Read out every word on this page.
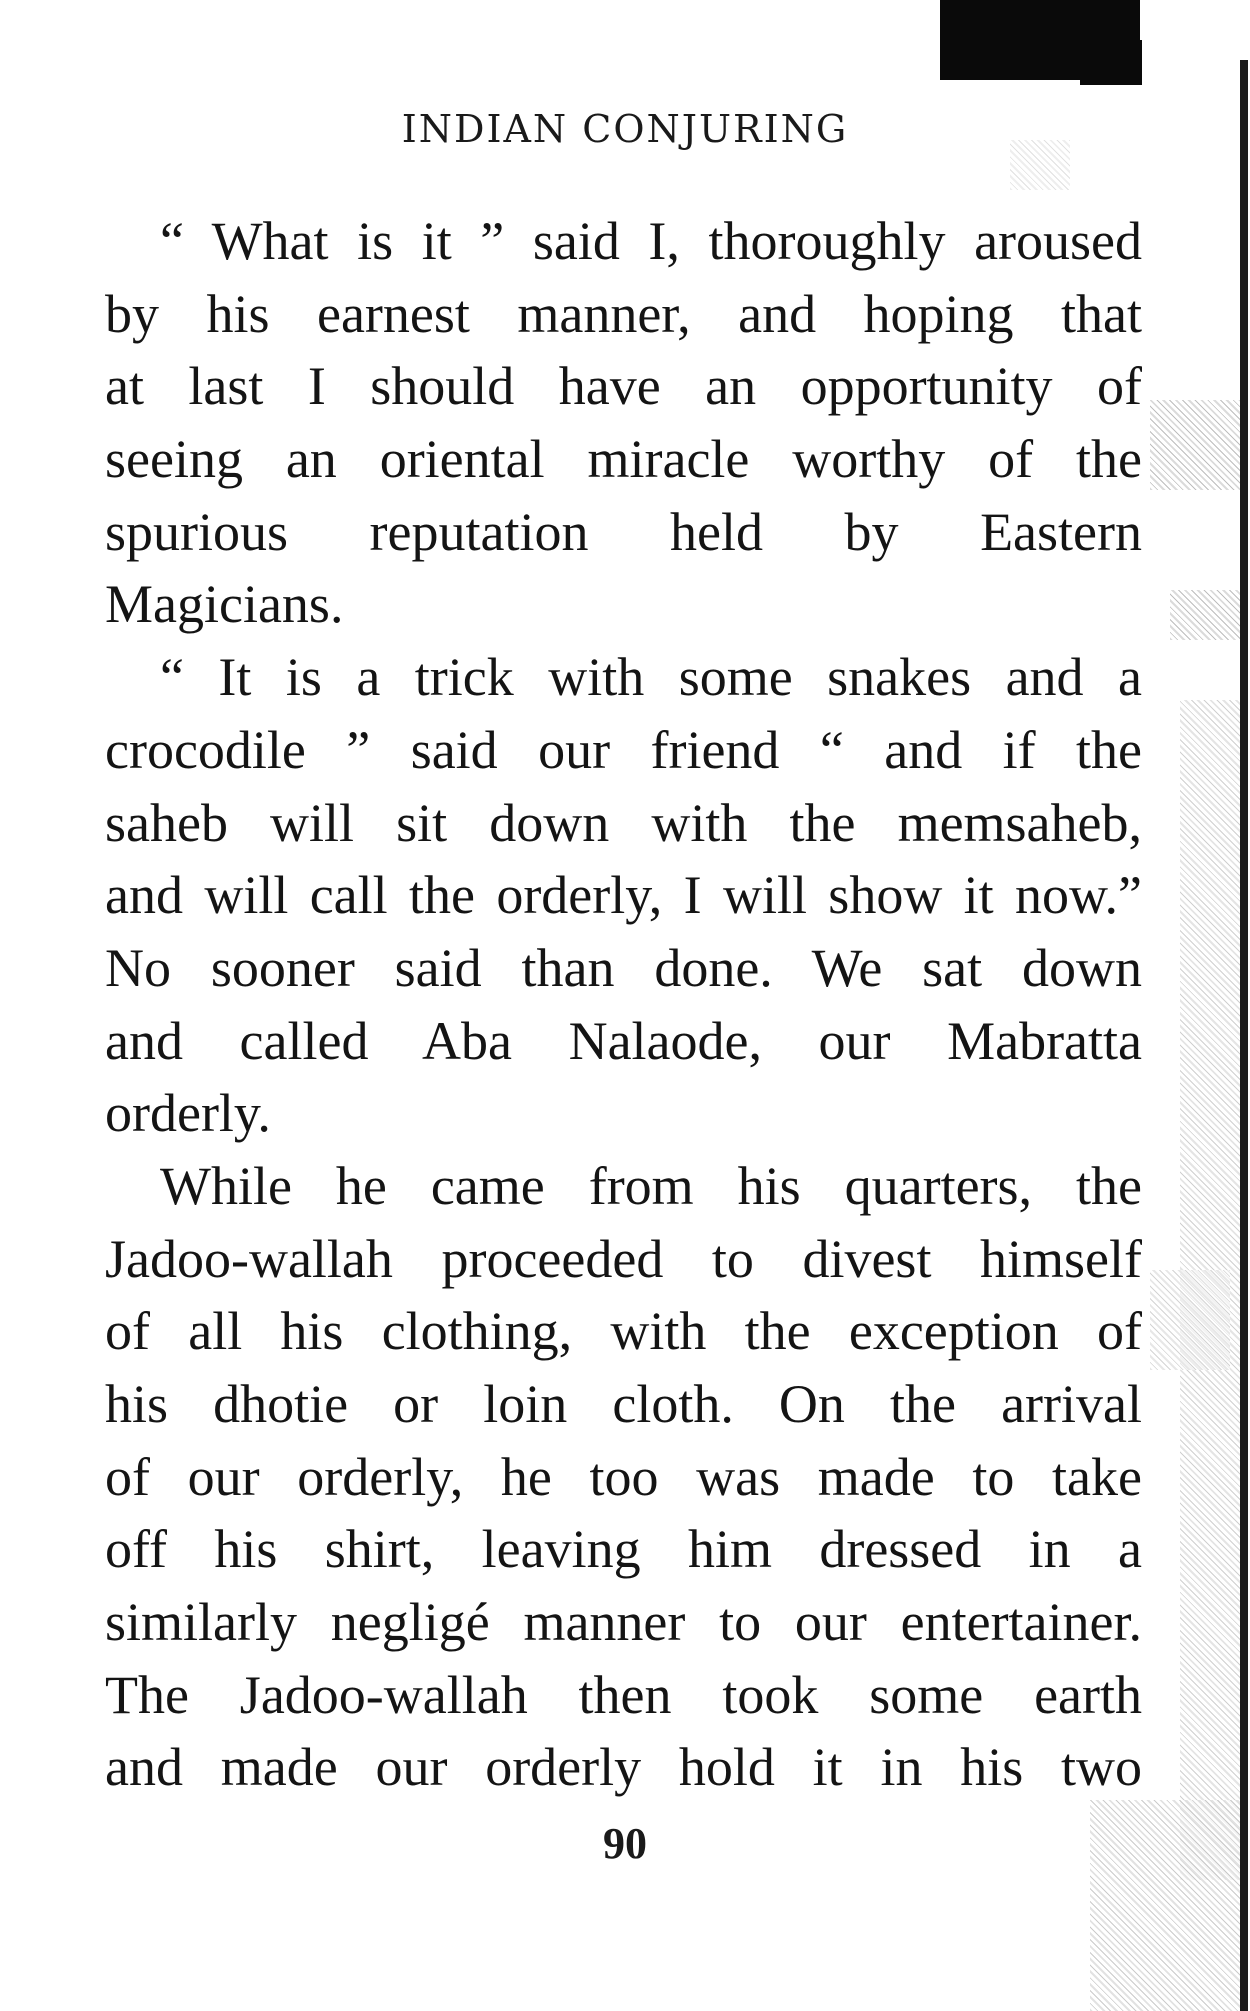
INDIAN CONJURING
“ What is it ” said I, thoroughly aroused
by his earnest manner, and hoping that
at last I should have an opportunity of
seeing an oriental miracle worthy of the
spurious reputation held by Eastern
Magicians.
“ It is a trick with some snakes and a
crocodile ” said our friend “ and if the
saheb will sit down with the memsaheb,
and will call the orderly, I will show it now.”
No sooner said than done. We sat down
and called Aba Nalaode, our Mabratta
orderly.
While he came from his quarters, the
Jadoo-wallah proceeded to divest himself
of all his clothing, with the exception of
his dhotie or loin cloth. On the arrival
of our orderly, he too was made to take
off his shirt, leaving him dressed in a
similarly negligé manner to our entertainer.
The Jadoo-wallah then took some earth
and made our orderly hold it in his two
90
